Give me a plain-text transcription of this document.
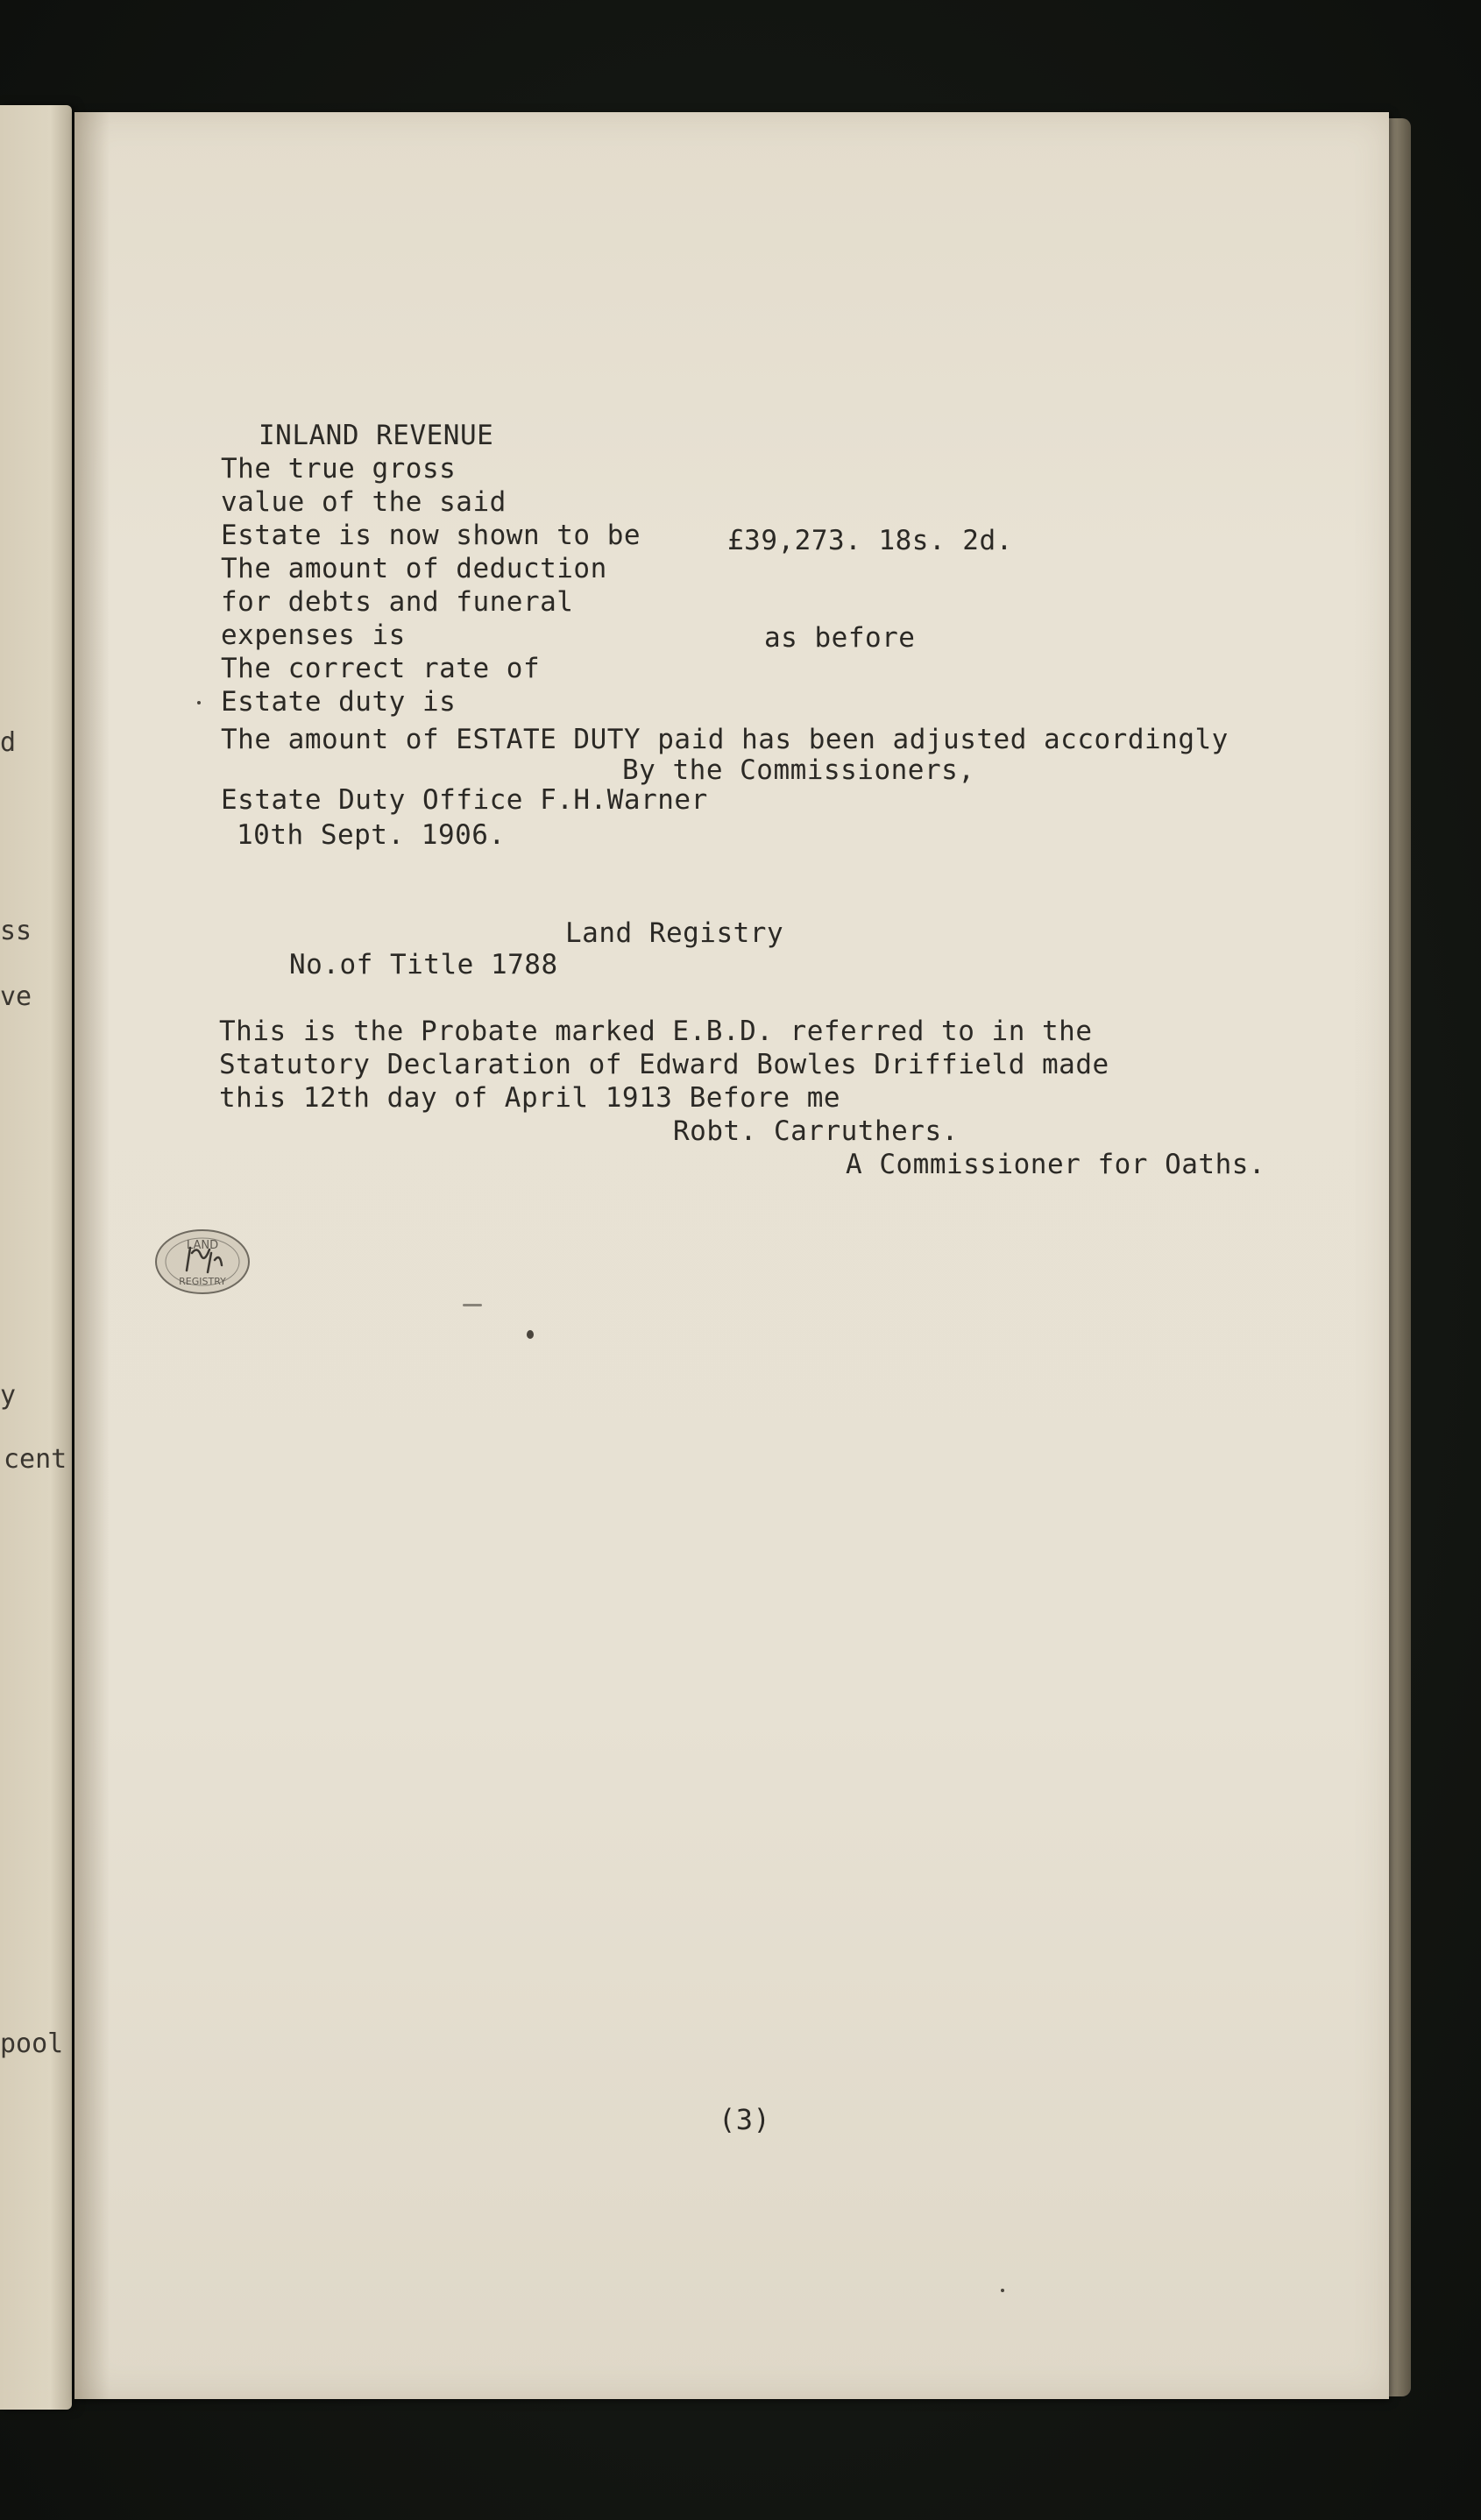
d
ss
ve
y
cent
pool
INLAND REVENUE
The true gross
value of the said
Estate is now shown to be	£39,273. 18s. 2d.
The amount of deduction
for debts and funeral
expenses is	as before
The correct rate of
Estate duty is
The amount of ESTATE DUTY paid has been adjusted accordingly
By the Commissioners,
Estate Duty Office F.H.Warner
10th Sept. 1906.
Land Registry
No.of Title 1788
This is the Probate marked E.B.D. referred to in the
Statutory Declaration of Edward Bowles Driffield made
this 12th day of April 1913 Before me
Robt. Carruthers.
A Commissioner for Oaths.
LAND
REGISTRY
(3)
